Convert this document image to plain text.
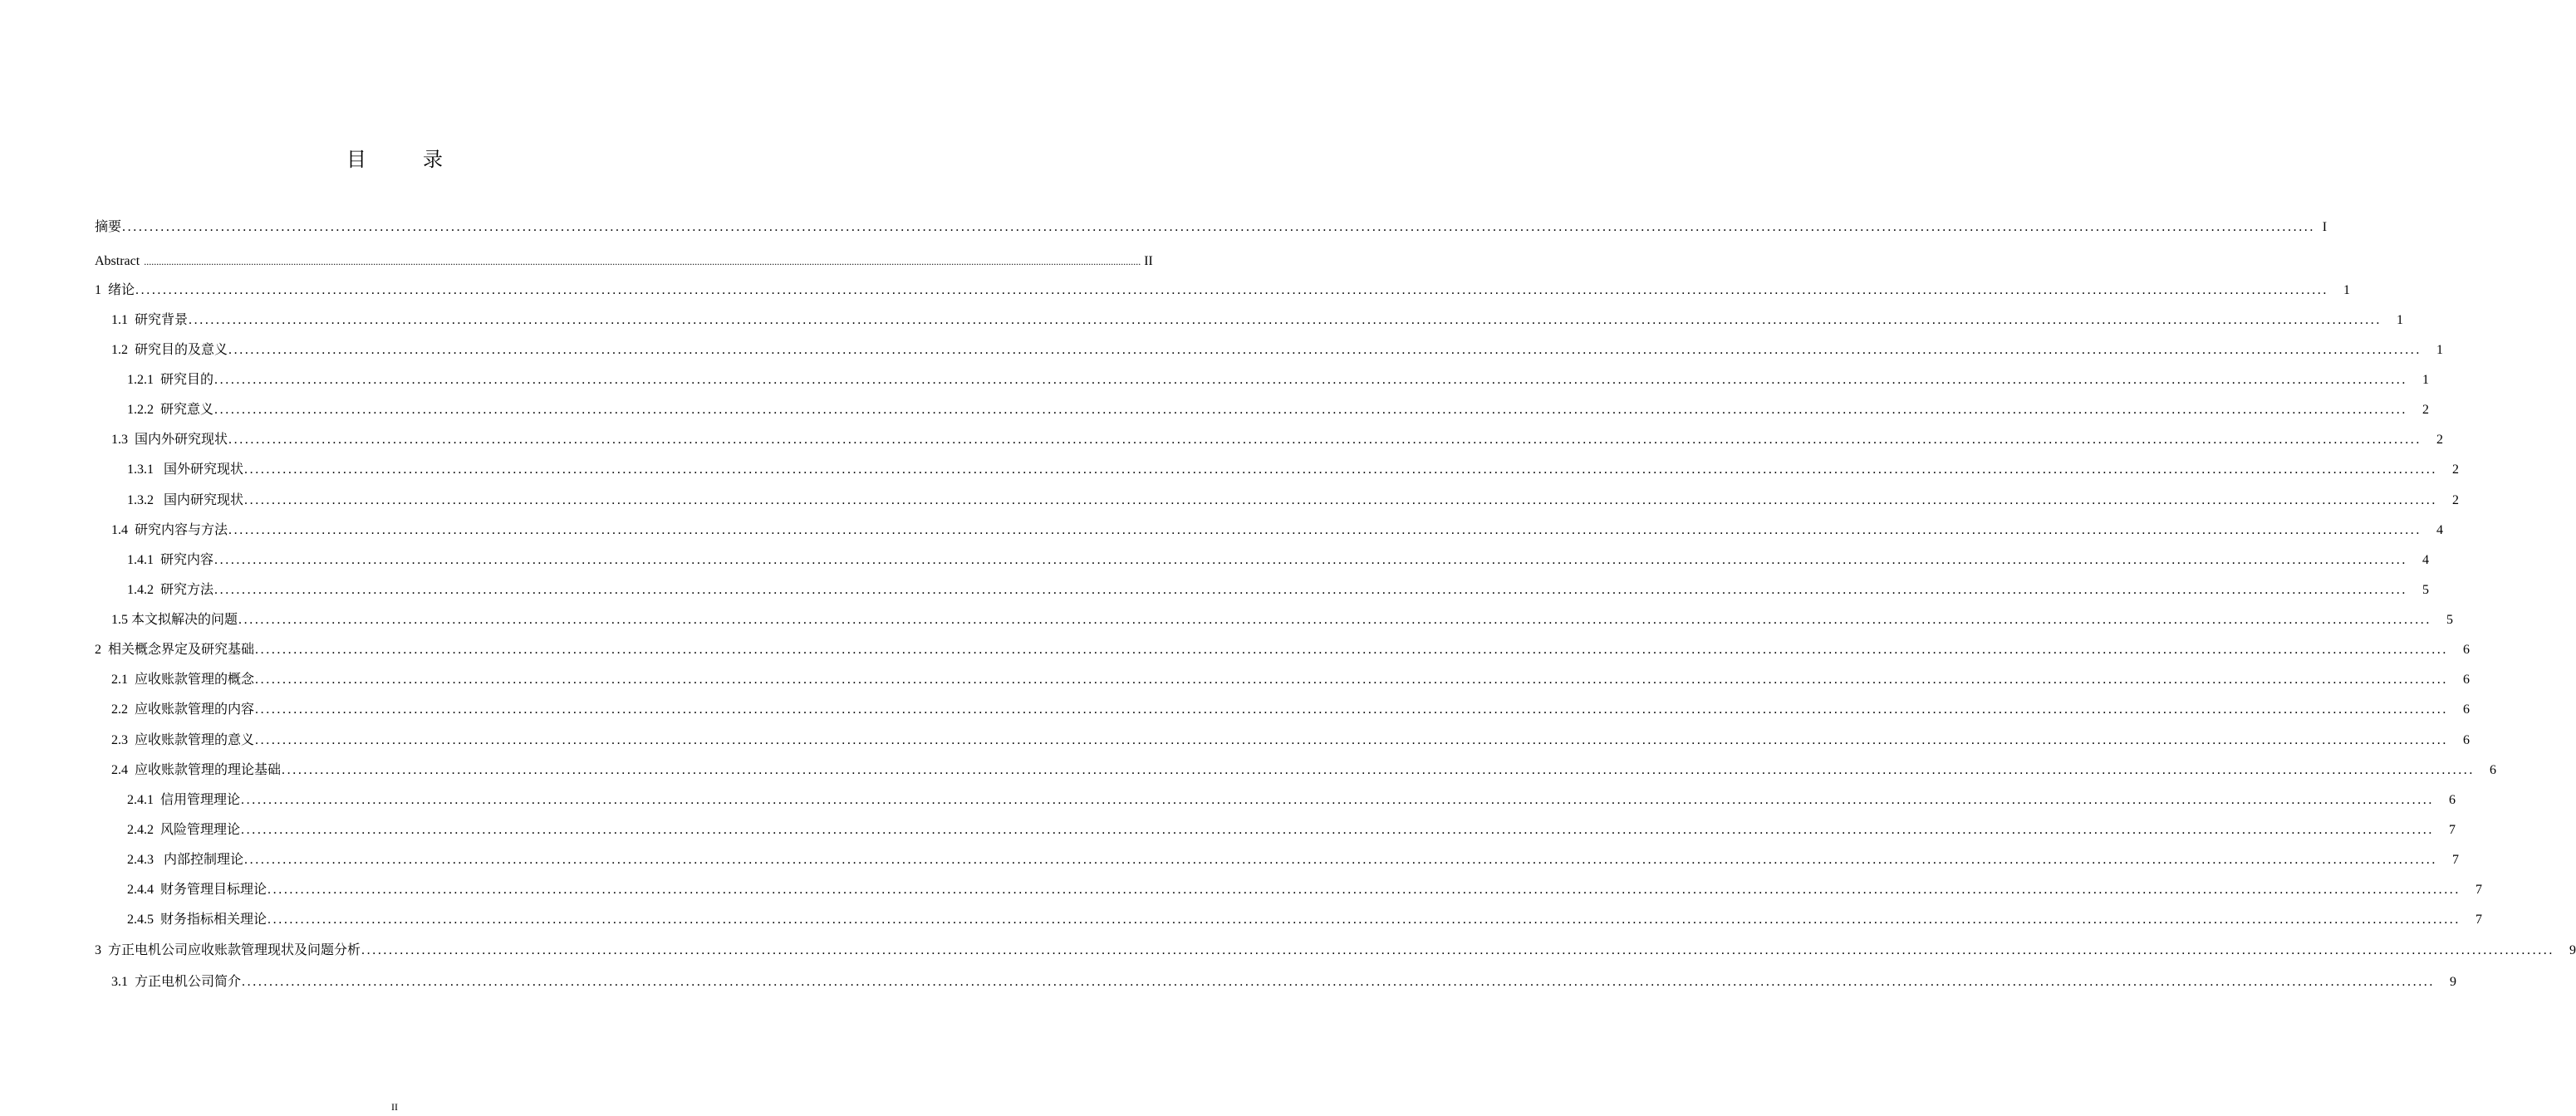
目　录
摘要 ................................................................................................................................................................................................................................................................................................................................................................................................................ I
Abstract ................................................................................................................................................................................................................................................................................................................................................................................................................ II
1 绪论 ................................................................................................................................................................................................................................................................................................................................................................................................................	1
1.1 研究背景 ................................................................................................................................................................................................................................................................................................................................................................................................................	1
1.2 研究目的及意义 ................................................................................................................................................................................................................................................................................................................................................................................................................	1
1.2.1 研究目的 ................................................................................................................................................................................................................................................................................................................................................................................................................	1
1.2.2 研究意义 ................................................................................................................................................................................................................................................................................................................................................................................................................	2
1.3 国内外研究现状 ................................................................................................................................................................................................................................................................................................................................................................................................................	2
1.3.1 国外研究现状 ................................................................................................................................................................................................................................................................................................................................................................................................................	2
1.3.2 国内研究现状 ................................................................................................................................................................................................................................................................................................................................................................................................................	2
1.4 研究内容与方法 ................................................................................................................................................................................................................................................................................................................................................................................................................	4
1.4.1 研究内容 ................................................................................................................................................................................................................................................................................................................................................................................................................	4
1.4.2 研究方法 ................................................................................................................................................................................................................................................................................................................................................................................................................	5
1.5 本文拟解决的问题 ................................................................................................................................................................................................................................................................................................................................................................................................................	5
2 相关概念界定及研究基础 ................................................................................................................................................................................................................................................................................................................................................................................................................	6
2.1 应收账款管理的概念 ................................................................................................................................................................................................................................................................................................................................................................................................................	6
2.2 应收账款管理的内容 ................................................................................................................................................................................................................................................................................................................................................................................................................	6
2.3 应收账款管理的意义 ................................................................................................................................................................................................................................................................................................................................................................................................................	6
2.4 应收账款管理的理论基础 ................................................................................................................................................................................................................................................................................................................................................................................................................	6
2.4.1 信用管理理论 ................................................................................................................................................................................................................................................................................................................................................................................................................	6
2.4.2 风险管理理论 ................................................................................................................................................................................................................................................................................................................................................................................................................	7
2.4.3 内部控制理论 ................................................................................................................................................................................................................................................................................................................................................................................................................	7
2.4.4 财务管理目标理论 ................................................................................................................................................................................................................................................................................................................................................................................................................	7
2.4.5 财务指标相关理论 ................................................................................................................................................................................................................................................................................................................................................................................................................	7
3 方正电机公司应收账款管理现状及问题分析 ................................................................................................................................................................................................................................................................................................................................................................................................................	9
3.1 方正电机公司简介 ................................................................................................................................................................................................................................................................................................................................................................................................................	9
II
